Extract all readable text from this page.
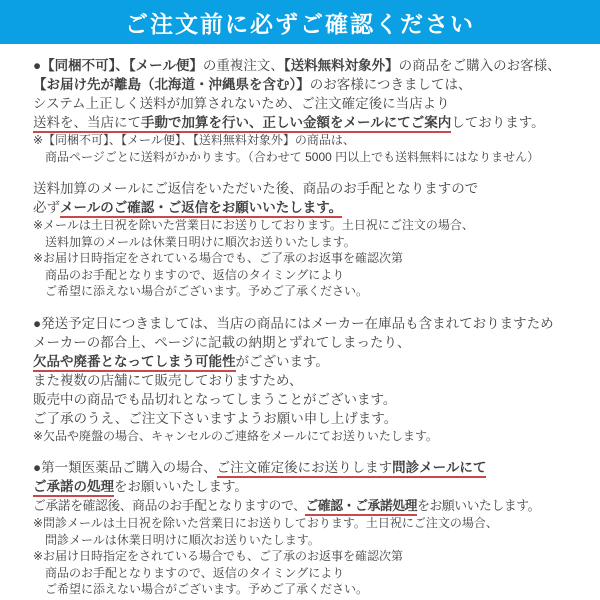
ご注文前に必ずご確認ください

●【同梱不可】、【メール便】の重複注文、【送料無料対象外】の商品をご購入のお客様、

【お届け先が離島（北海道・沖縄県を含む）】のお客様につきましては、

システム上正しく送料が加算されないため、ご注文確定後に当店より

送料を、当店にて手動で加算を行い、正しい金額をメールにてご案内しております。

※【同梱不可】、【メール便】、【送料無料対象外】の商品は、

　商品ページごとに送料がかかります。（合わせて 5000 円以上でも送料無料にはなりません）

送料加算のメールにご返信をいただいた後、商品のお手配となりますので

必ずメールのご確認・ご返信をお願いいたします。

※メールは土日祝を除いた営業日にお送りしております。土日祝にご注文の場合、

　送料加算のメールは休業日明けに順次お送りいたします。

※お届け日時指定をされている場合でも、ご了承のお返事を確認次第

　商品のお手配となりますので、返信のタイミングにより

　ご希望に添えない場合がございます。予めご了承ください。

●発送予定日につきましては、当店の商品にはメーカー在庫品も含まれておりますため

メーカーの都合上、ページに記載の納期とずれてしまったり、

欠品や廃番となってしまう可能性がございます。

また複数の店舗にて販売しておりますため、

販売中の商品でも品切れとなってしまうことがございます。

ご了承のうえ、ご注文下さいますようお願い申し上げます。

※欠品や廃盤の場合、キャンセルのご連絡をメールにてお送りいたします。

●第一類医薬品ご購入の場合、ご注文確定後にお送りします問診メールにて

ご承諾の処理をお願いいたします。

ご承諾を確認後、商品のお手配となりますので、ご確認・ご承諾処理をお願いいたします。

※問診メールは土日祝を除いた営業日にお送りしております。土日祝にご注文の場合、

　問診メールは休業日明けに順次お送りいたします。

※お届け日時指定をされている場合でも、ご了承のお返事を確認次第

　商品のお手配となりますので、返信のタイミングにより

　ご希望に添えない場合がございます。予めご了承ください。
